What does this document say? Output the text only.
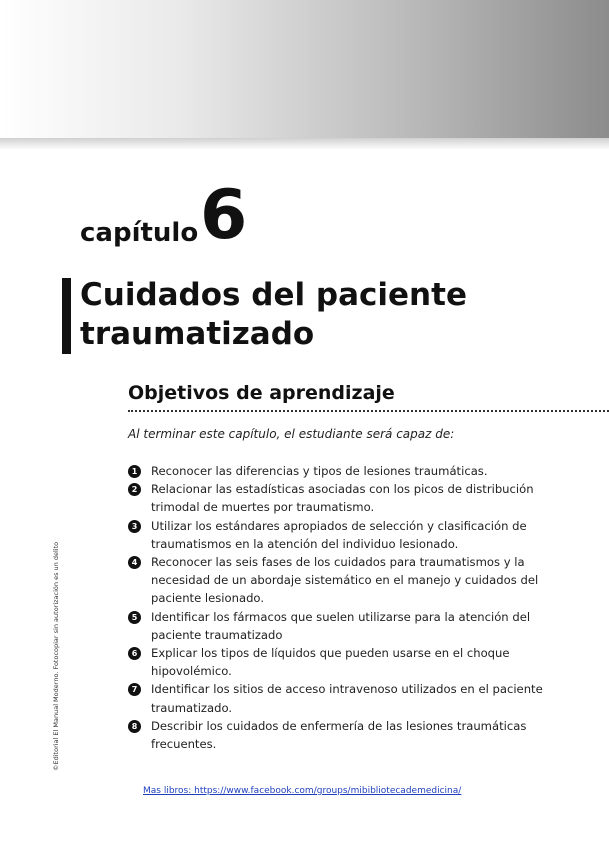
capítulo 6
Cuidados del paciente traumatizado
Objetivos de aprendizaje
Al terminar este capítulo, el estudiante será capaz de:
1	Reconocer las diferencias y tipos de lesiones traumáticas.
2	Relacionar las estadísticas asociadas con los picos de distribución trimodal de muertes por traumatismo.
3	Utilizar los estándares apropiados de selección y clasificación de traumatismos en la atención del individuo lesionado.
4	Reconocer las seis fases de los cuidados para traumatismos y la necesidad de un abordaje sistemático en el manejo y cuidados del paciente lesionado.
5	Identificar los fármacos que suelen utilizarse para la atención del paciente traumatizado
6	Explicar los tipos de líquidos que pueden usarse en el choque hipovolémico.
7	Identificar los sitios de acceso intravenoso utilizados en el paciente traumatizado.
8	Describir los cuidados de enfermería de las lesiones traumáticas frecuentes.
©Editorial El Manual Moderno. Fotocopiar sin autorización es un delito
Mas libros: https://www.facebook.com/groups/mibibliotecademedicina/
